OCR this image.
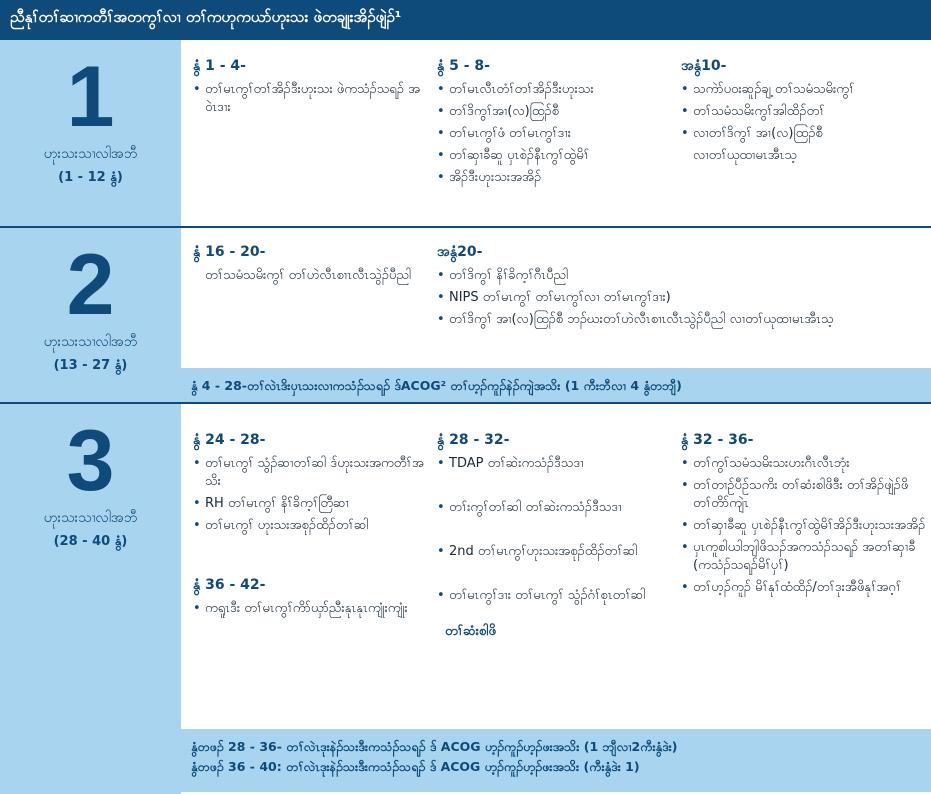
ညီနုၢ်တၢ်ဆၢကတီၢ်အတကွၢ်လၢ တၢ်ကဟုကယာ်ဟုးသး ဖဲတချုးအိၣ်ဖျဲၣ်¹
1
ဟုးသးသၢလါအဘီ
(1 - 12 နွံ)
နွံ 1 - 4-
• တၢ်မၤကွၢ်တၢ်အိၣ်ဒီးဟုးသး ဖဲကသံၣ်သရၣ် အဝဲၤဒၢး
နွံ 5 - 8-
• တၢ်မၤလီၤတံၢ်တၢ်အိၣ်ဒီးဟုးသး
• တၢ်ဒိကွၢ်အၢ(လ)ထြၣ်စီ
• တၢ်မၤကွၢ်ဖံ တၢ်မၤကွၢ်ဒၢး
• တၢ်ဆှၢခီဆူ ပှၤစဲၣ်နီၤကွၢ်ထွဲမိၢ်
• အိၣ်ဒီးဟုးသးအအိၣ်
အနွံ10-
• သကဲာ်ပဝးဆူၣ်ချ့ တၢ်သမံသမိးကွၢ်
• တၢ်သမံသမိးကွၢ်အါထိၣ်တၢ်
• လၢတၢ်ဒိကွၢ် အၢ(လ)ထြၣ်စီ
လၢတၢ်ယုထၢမၤအီၤသ့
2
ဟုးသးသၢလါအဘီ
(13 - 27 နွံ)
နွံ 16 - 20-
တၢ်သမံသမိးကွၢ် တၢ်ဟဲလီၤစၢၤလီၤသွဲၣ်ပီညါ
အနွံ20-
• တၢ်ဒိကွၢ် နိၢ်ခိက့ၢ်ဂီၤပီညါ
• NIPS တၢ်မၤကွၢ် တၢ်မၤကွၢ်လၢ တၢ်မၤကွၢ်ဒၢး)
• တၢ်ဒိကွၢ် အၢ(လ)ထြၣ်စီ ဘၣ်ဃးတၢ်ဟဲလီၤစၢၤလီၤသွဲၣ်ပီညါ လၢတၢ်ယုထၢမၤအီၤသ့

နွံ 4 - 28-တၢ်လဲၤဒိးပှၤသးလၢကသံၣ်သရၣ် ဒ်ACOG² တၢ်ဟ့ၣ်ကူၣ်နဲၣ်ကျဲအသိး (1 ကီးဘီလၢ 4 နွံတဘျီ)

3
ဟုးသးသၢလါအဘီ
(28 - 40 နွံ)
နွံ 24 - 28-
• တၢ်မၤကွၢ် သွံၣ်ဆၢတၢ်ဆါ ဒ်ဟုးသးအကတီၢ်အသိး
• RH တၢ်မၤကွၢ် နိၢ်ခိက့ၢ်တြီဆၢ
• တၢ်မၤကွၢ် ဟုးသးအစုၣ်ထိၣ်တၢ်ဆါ
နွံ 36 - 42-
• ကရူၤဒီး တၢ်မၤကွၢ်ကိာ်ယှာ်ညီးနုၤနုၤကျုံးကျုံး
နွံ 28 - 32-
• TDAP တၢ်ဆဲးကသံၣ်ဒီသဒၢ
• တၢ်းကွၢ်တၢ်ဆါ တၢ်ဆဲးကသံၣ်ဒီသဒၢ
• 2nd တၢ်မၤကွၢ်ဟုးသးအစုၣ်ထိၣ်တၢ်ဆါ
• တၢ်မၤကွၢ်ဒၢး တၢ်မၤကွၢ် သွံၣ်ဂံၢ်စုၤတၢ်ဆါ
တၢ်ဆံးစါဖိ
နွံ 32 - 36-
• တၢ်ကွၢ်သမံသမိးသးဟးဂီၤလီၤဘုံး
• တၢ်တၢဉ်ပီဉ်သကိး တၢ်ဆံးစါဖိဒီး တၢ်အိၣ်ဖျဲၣ်ဖိ တၢ်တိာ်ကျဲၤ
• တၢ်ဆှၢခီဆူ ပှၤစဲၣ်နီၤကွၢ်ထွဲမိၢ်အိၣ်ဒီးဟုးသးအအိၣ်
• ပှၤကူစါယါဘျါဖိသၣ်အကသံၣ်သရၣ် အတၢ်ဆှၢခီ (ကသံၣ်သရၣ်မိၢ်ပှၢ်)
• တၢ်ဟ့ၣ်ကူၣ် မိၢ်နုၢ်ထံထိၣ်/တၢ်ဒုးအီဖိနုၢ်အဂ့ၢ်

နွံတဖၣ် 28 - 36- တၢ်လဲၤဒုးနဲၣ်သးဒီးကသံၣ်သရၣ် ဒ် ACOG ဟ့ၣ်ကူၣ်ဟ့ၣ်ဖးအသိး (1 ဘျီလၢ2ကီးနွံဒဲး)

နွံတဖၣ် 36 - 40: တၢ်လဲၤဒုးနဲၣ်သးဒီးကသံၣ်သရၣ် ဒ် ACOG ဟ့ၣ်ကူၣ်ဟ့ၣ်ဖးအသိး (ကီးနွံဒဲး 1)
